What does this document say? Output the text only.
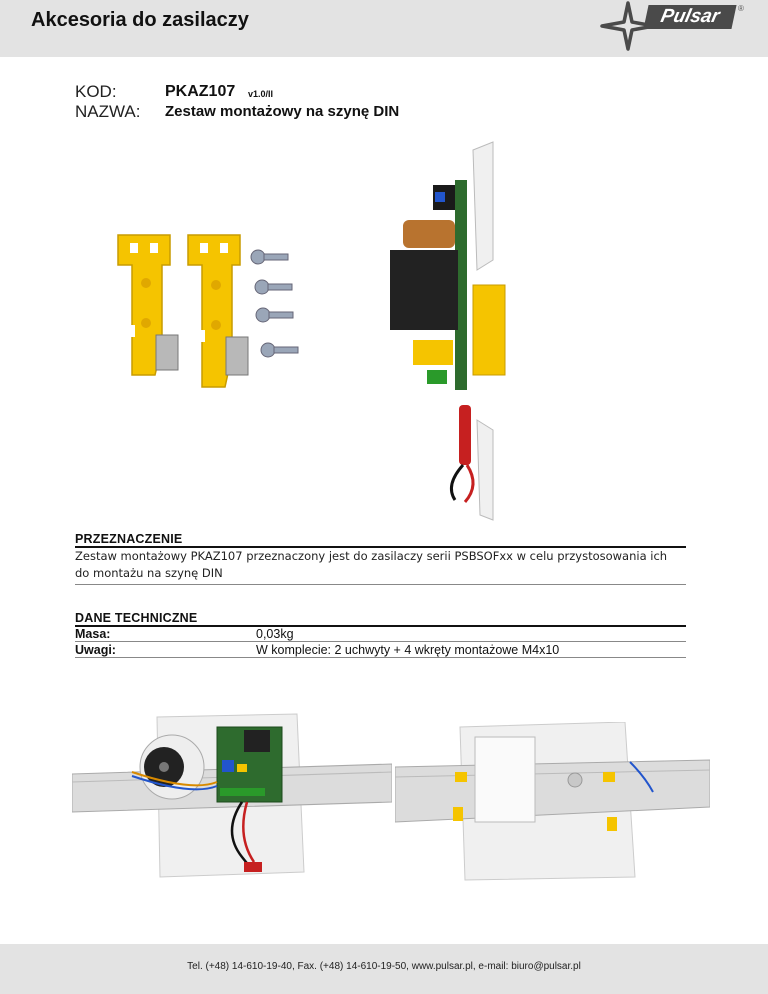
Akcesoria do zasilaczy	Pulsar	®
KOD:	PKAZ107 v1.0/II
NAZWA: Zestaw montażowy na szynę DIN
PRZEZNACZENIE
Zestaw montażowy PKAZ107 przeznaczony jest do zasilaczy serii PSBSOFxx w celu przystosowania ich do montażu na szynę DIN
DANE TECHNICZNE
Masa:	0,03kg
Uwagi:	W komplecie: 2 uchwyty + 4 wkręty montażowe M4x10
Tel. (+48) 14-610-19-40, Fax. (+48) 14-610-19-50, www.pulsar.pl, e-mail: biuro@pulsar.pl
